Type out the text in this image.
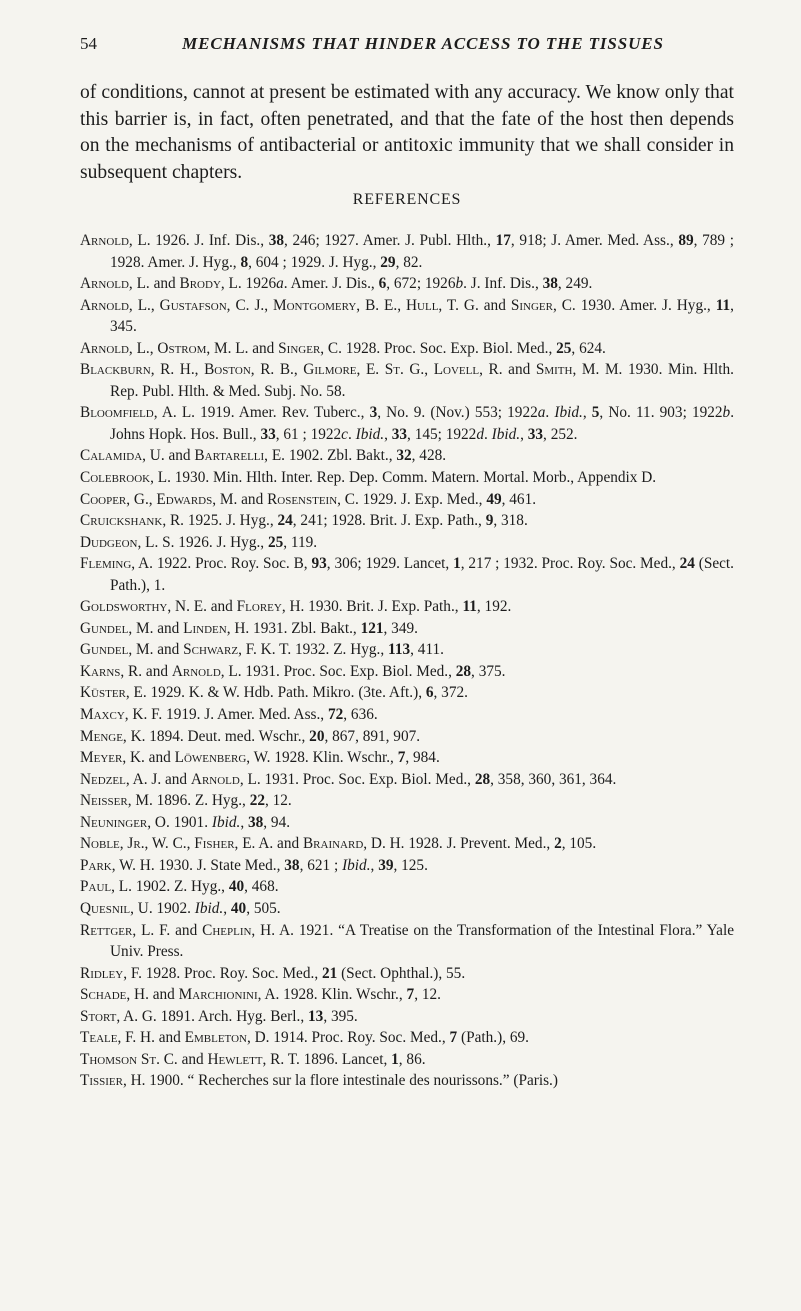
54	MECHANISMS THAT HINDER ACCESS TO THE TISSUES

of conditions, cannot at present be estimated with any accuracy. We know only that this barrier is, in fact, often penetrated, and that the fate of the host then depends on the mechanisms of antibacterial or antitoxic immunity that we shall consider in subsequent chapters.

REFERENCES
Arnold, L. 1926. J. Inf. Dis., 38, 246; 1927. Amer. J. Publ. Hlth., 17, 918; J. Amer. Med. Ass., 89, 789 ; 1928. Amer. J. Hyg., 8, 604 ; 1929. J. Hyg., 29, 82.
Arnold, L. and Brody, L. 1926a. Amer. J. Dis., 6, 672; 1926b. J. Inf. Dis., 38, 249.
Arnold, L., Gustafson, C. J., Montgomery, B. E., Hull, T. G. and Singer, C. 1930. Amer. J. Hyg., 11, 345.
Arnold, L., Ostrom, M. L. and Singer, C. 1928. Proc. Soc. Exp. Biol. Med., 25, 624.
Blackburn, R. H., Boston, R. B., Gilmore, E. St. G., Lovell, R. and Smith, M. M. 1930. Min. Hlth. Rep. Publ. Hlth. & Med. Subj. No. 58.
Bloomfield, A. L. 1919. Amer. Rev. Tuberc., 3, No. 9. (Nov.) 553; 1922a. Ibid., 5, No. 11. 903; 1922b. Johns Hopk. Hos. Bull., 33, 61 ; 1922c. Ibid., 33, 145; 1922d. Ibid., 33, 252.
Calamida, U. and Bartarelli, E. 1902. Zbl. Bakt., 32, 428.
Colebrook, L. 1930. Min. Hlth. Inter. Rep. Dep. Comm. Matern. Mortal. Morb., Appendix D.
Cooper, G., Edwards, M. and Rosenstein, C. 1929. J. Exp. Med., 49, 461.
Cruickshank, R. 1925. J. Hyg., 24, 241; 1928. Brit. J. Exp. Path., 9, 318.
Dudgeon, L. S. 1926. J. Hyg., 25, 119.
Fleming, A. 1922. Proc. Roy. Soc. B, 93, 306; 1929. Lancet, 1, 217 ; 1932. Proc. Roy. Soc. Med., 24 (Sect. Path.), 1.
Goldsworthy, N. E. and Florey, H. 1930. Brit. J. Exp. Path., 11, 192.
Gundel, M. and Linden, H. 1931. Zbl. Bakt., 121, 349.
Gundel, M. and Schwarz, F. K. T. 1932. Z. Hyg., 113, 411.
Karns, R. and Arnold, L. 1931. Proc. Soc. Exp. Biol. Med., 28, 375.
Küster, E. 1929. K. & W. Hdb. Path. Mikro. (3te. Aft.), 6, 372.
Maxcy, K. F. 1919. J. Amer. Med. Ass., 72, 636.
Menge, K. 1894. Deut. med. Wschr., 20, 867, 891, 907.
Meyer, K. and Löwenberg, W. 1928. Klin. Wschr., 7, 984.
Nedzel, A. J. and Arnold, L. 1931. Proc. Soc. Exp. Biol. Med., 28, 358, 360, 361, 364.
Neisser, M. 1896. Z. Hyg., 22, 12.
Neuninger, O. 1901. Ibid., 38, 94.
Noble, Jr., W. C., Fisher, E. A. and Brainard, D. H. 1928. J. Prevent. Med., 2, 105.
Park, W. H. 1930. J. State Med., 38, 621 ; Ibid., 39, 125.
Paul, L. 1902. Z. Hyg., 40, 468.
Quesnil, U. 1902. Ibid., 40, 505.
Rettger, L. F. and Cheplin, H. A. 1921. “A Treatise on the Transformation of the Intestinal Flora.” Yale Univ. Press.
Ridley, F. 1928. Proc. Roy. Soc. Med., 21 (Sect. Ophthal.), 55.
Schade, H. and Marchionini, A. 1928. Klin. Wschr., 7, 12.
Stort, A. G. 1891. Arch. Hyg. Berl., 13, 395.
Teale, F. H. and Embleton, D. 1914. Proc. Roy. Soc. Med., 7 (Path.), 69.
Thomson St. C. and Hewlett, R. T. 1896. Lancet, 1, 86.
Tissier, H. 1900. “ Recherches sur la flore intestinale des nourissons.” (Paris.)
